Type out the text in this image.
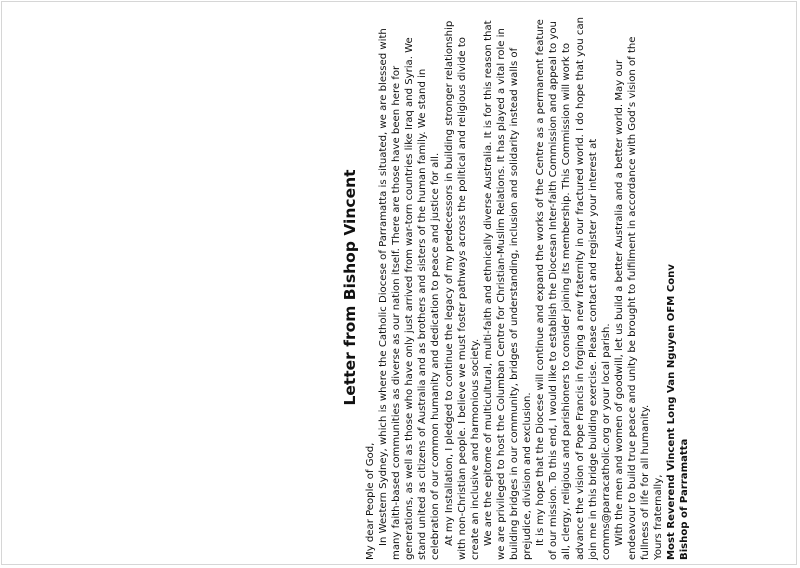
Letter from Bishop Vincent

My dear People of God, In Western Sydney, which is where the Catholic Diocese of Parramatta is situated, we are blessed with many faith-based communities as diverse as our nation itself. There are those have been here for generations, as well as those who have only just arrived from war-torn countries like Iraq and Syria. We stand united as citizens of Australia and as brothers and sisters of the human family. We stand in celebration of our common humanity and dedication to peace and justice for all. At my Installation, I pledged to continue the legacy of my predecessors in building stronger relationship with non-Christian people. I believe we must foster pathways across the political and religious divide to create an inclusive and harmonious society. We are the epitome of multicultural, multi-faith and ethnically diverse Australia. It is for this reason that we are privileged to host the Columban Centre for Christian-Muslim Relations. It has played a vital role in building bridges in our community, bridges of understanding, inclusion and solidarity instead walls of prejudice, division and exclusion. It is my hope that the Diocese will continue and expand the works of the Centre as a permanent feature of our mission. To this end, I would like to establish the Diocesan Inter-faith Commission and appeal to you all, clergy, religious and parishioners to consider joining its membership. This Commission will work to advance the vision of Pope Francis in forging a new fraternity in our fractured world. I do hope that you can join me in this bridge building exercise. Please contact and register your interest at comms@parracatholic.org or your local parish. With the men and women of goodwill, let us build a better Australia and a better world. May our endeavour to build true peace and unity be brought to fulfilment in accordance with God’s vision of the fullness of life for all humanity. Yours fraternally, Most Reverend Vincent Long Van Nguyen OFM Conv Bishop of Parramatta
